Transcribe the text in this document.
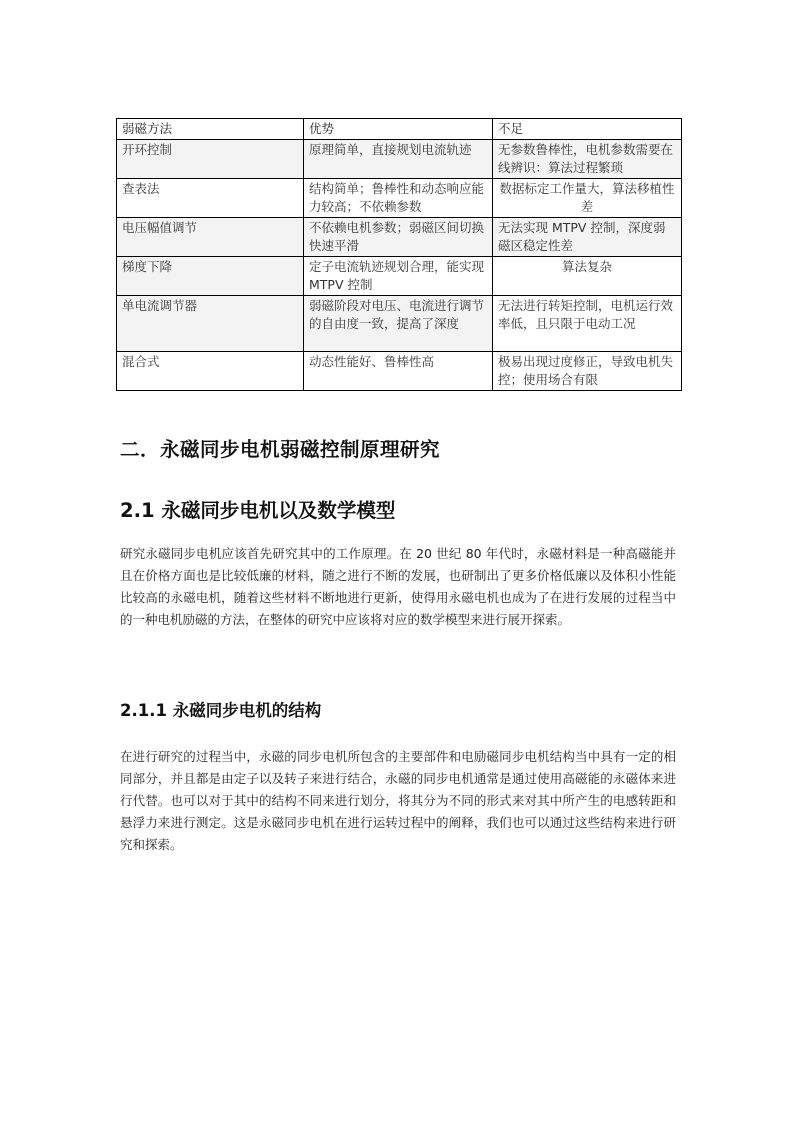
弱磁方法	优势	不足
开环控制	原理简单，直接规划电流轨迹	无参数鲁棒性，电机参数需要在线辨识：算法过程繁琐
查表法	结构简单；鲁棒性和动态响应能力较高；不依赖参数	数据标定工作量大，算法移植性差
电压幅值调节	不依赖电机参数；弱磁区间切换快速平滑	无法实现 MTPV 控制，深度弱磁区稳定性差
梯度下降	定子电流轨迹规划合理，能实现 MTPV 控制	算法复杂
单电流调节器	弱磁阶段对电压、电流进行调节的自由度一致，提高了深度	无法进行转矩控制，电机运行效率低，且只限于电动工况
混合式	动态性能好、鲁棒性高	极易出现过度修正，导致电机失控；使用场合有限
二．永磁同步电机弱磁控制原理研究
2.1 永磁同步电机以及数学模型

研究永磁同步电机应该首先研究其中的工作原理。在 20 世纪 80 年代时，永磁材料是一种高磁能并且在价格方面也是比较低廉的材料，随之进行不断的发展，也研制出了更多价格低廉以及体积小性能比较高的永磁电机，随着这些材料不断地进行更新，使得用永磁电机也成为了在进行发展的过程当中的一种电机励磁的方法，在整体的研究中应该将对应的数学模型来进行展开探索。

2.1.1 永磁同步电机的结构

在进行研究的过程当中，永磁的同步电机所包含的主要部件和电励磁同步电机结构当中具有一定的相同部分，并且都是由定子以及转子来进行结合，永磁的同步电机通常是通过使用高磁能的永磁体来进行代替。也可以对于其中的结构不同来进行划分，将其分为不同的形式来对其中所产生的电感转距和悬浮力来进行测定。这是永磁同步电机在进行运转过程中的阐释，我们也可以通过这些结构来进行研究和探索。
